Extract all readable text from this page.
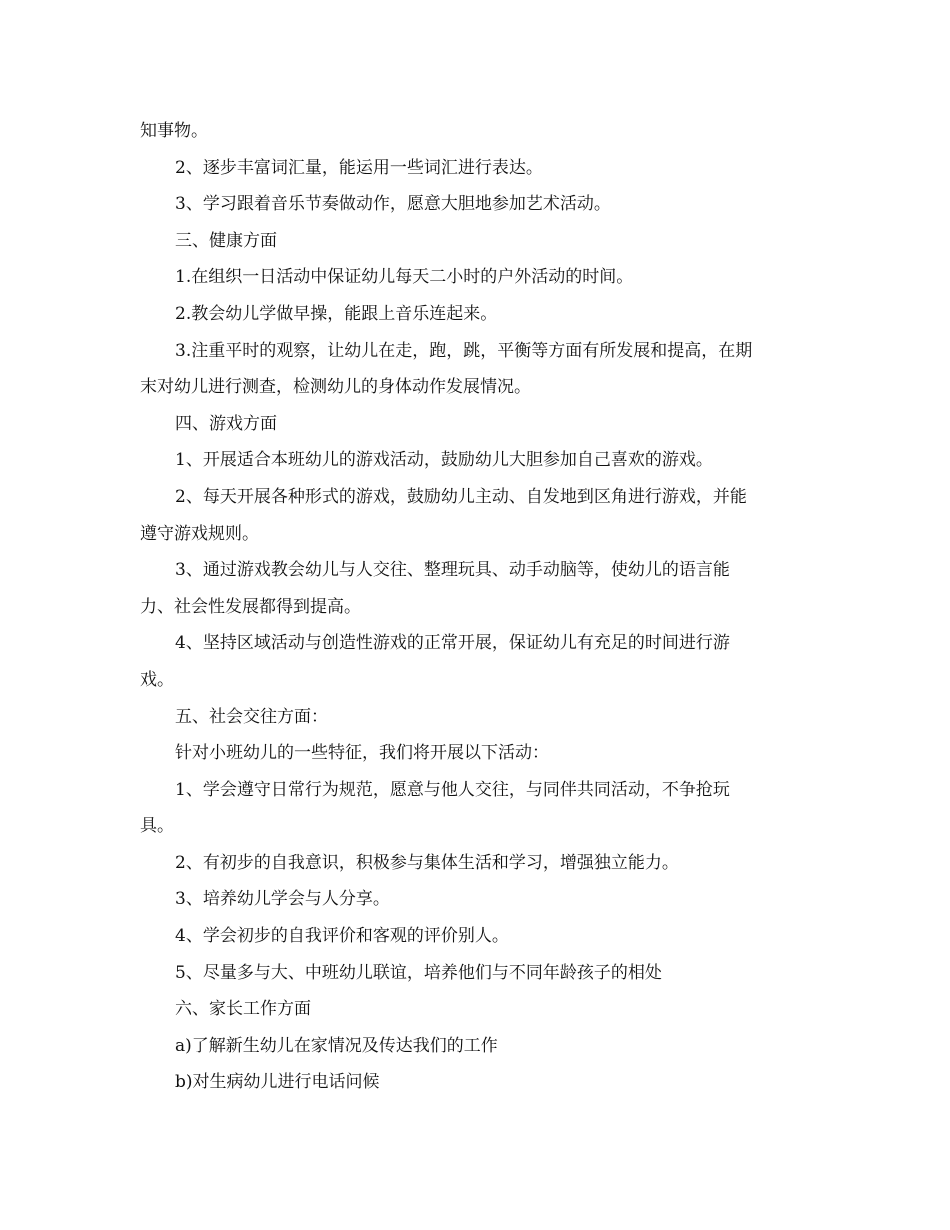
知事物。
2、逐步丰富词汇量，能运用一些词汇进行表达。
3、学习跟着音乐节奏做动作，愿意大胆地参加艺术活动。
三、健康方面
1.在组织一日活动中保证幼儿每天二小时的户外活动的时间。
2.教会幼儿学做早操，能跟上音乐连起来。
3.注重平时的观察，让幼儿在走，跑，跳，平衡等方面有所发展和提高，在期
末对幼儿进行测查，检测幼儿的身体动作发展情况。
四、游戏方面
1、开展适合本班幼儿的游戏活动，鼓励幼儿大胆参加自己喜欢的游戏。
2、每天开展各种形式的游戏，鼓励幼儿主动、自发地到区角进行游戏，并能
遵守游戏规则。
3、通过游戏教会幼儿与人交往、整理玩具、动手动脑等，使幼儿的语言能
力、社会性发展都得到提高。
4、坚持区域活动与创造性游戏的正常开展，保证幼儿有充足的时间进行游
戏。
五、社会交往方面：
针对小班幼儿的一些特征，我们将开展以下活动：
1、学会遵守日常行为规范，愿意与他人交往，与同伴共同活动，不争抢玩
具。
2、有初步的自我意识，积极参与集体生活和学习，增强独立能力。
3、培养幼儿学会与人分享。
4、学会初步的自我评价和客观的评价别人。
5、尽量多与大、中班幼儿联谊，培养他们与不同年龄孩子的相处
六、家长工作方面
a)了解新生幼儿在家情况及传达我们的工作
b)对生病幼儿进行电话问候
